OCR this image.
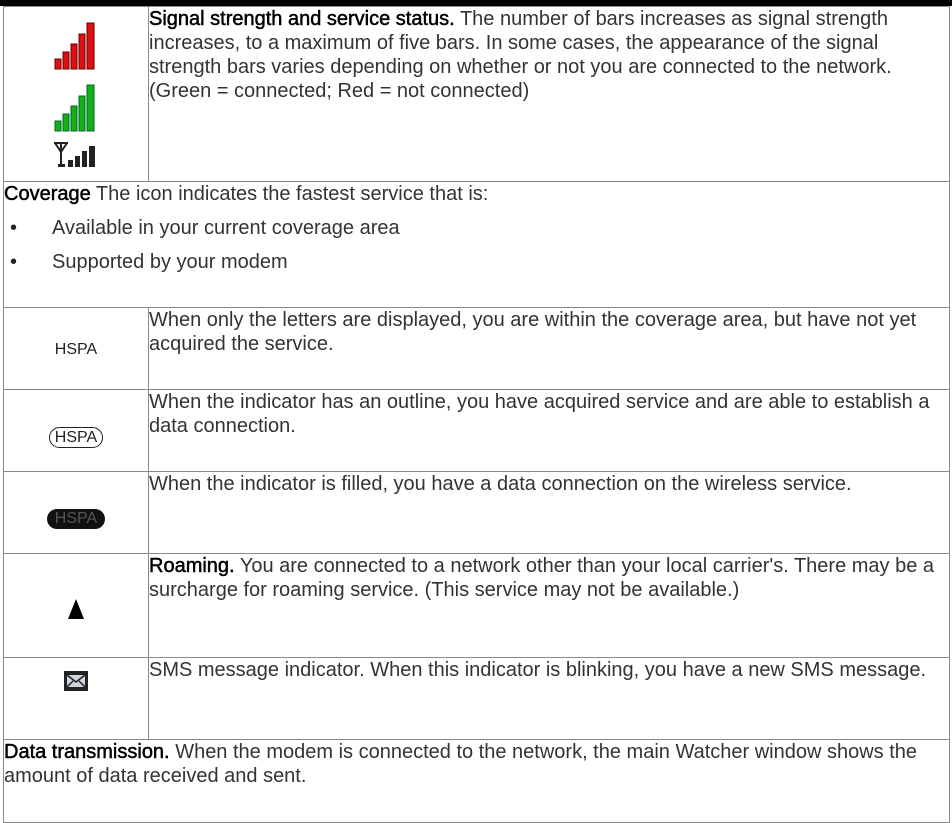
	Signal strength and service status. The number of bars increases as signal strength increases, to a maximum of five bars. In some cases, the appearance of the signal strength bars varies depending on whether or not you are connected to the network. (Green = connected; Red = not connected)
Coverage The icon indicates the fastest service that is:
• Available in your current coverage area
• Supported by your modem	

HSPA	When only the letters are displayed, you are within the coverage area, but have not yet acquired the service.
HSPA	When the indicator has an outline, you have acquired service and are able to establish a data connection.
HSPA	When the indicator is filled, you have a data connection on the wireless service.
	Roaming. You are connected to a network other than your local carrier's. There may be a surcharge for roaming service. (This service may not be available.)
	SMS message indicator. When this indicator is blinking, you have a new SMS message.
Data transmission. When the modem is connected to the network, the main Watcher window shows the amount of data received and sent.	
